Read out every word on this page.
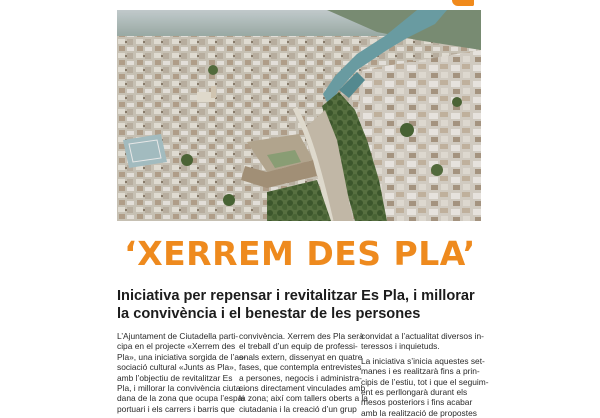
‘XERREM DES PLA’
Iniciativa per repensar i revitalitzar Es Pla, i millorar
la convivència i el benestar de les persones
L’Ajuntament de Ciutadella parti-
cipa en el projecte «Xerrem des
Pla», una iniciativa sorgida de l’as-
sociació cultural «Junts as Pla»,
amb l’objectiu de revitalitzar Es
Pla, i millorar la convivència ciuta-
dana de la zona que ocupa l’espai
portuari i els carrers i barris que
convivència. Xerrem des Pla serà
el treball d’un equip de professi-
onals extern, dissenyat en quatre
fases, que contempla entrevistes
a persones, negocis i administra-
cions directament vinculades amb
la zona; així com tallers oberts a la
ciutadania i la creació d’un grup
convidat a l’actualitat diversos in-
teressos i inquietuds.
La iniciativa s’inicia aquestes set-
manes i es realitzarà fins a prin-
cipis de l’estiu, tot i que el seguim-
ent es perllongarà durant els
mesos posteriors i fins acabar
amb la realització de propostes
